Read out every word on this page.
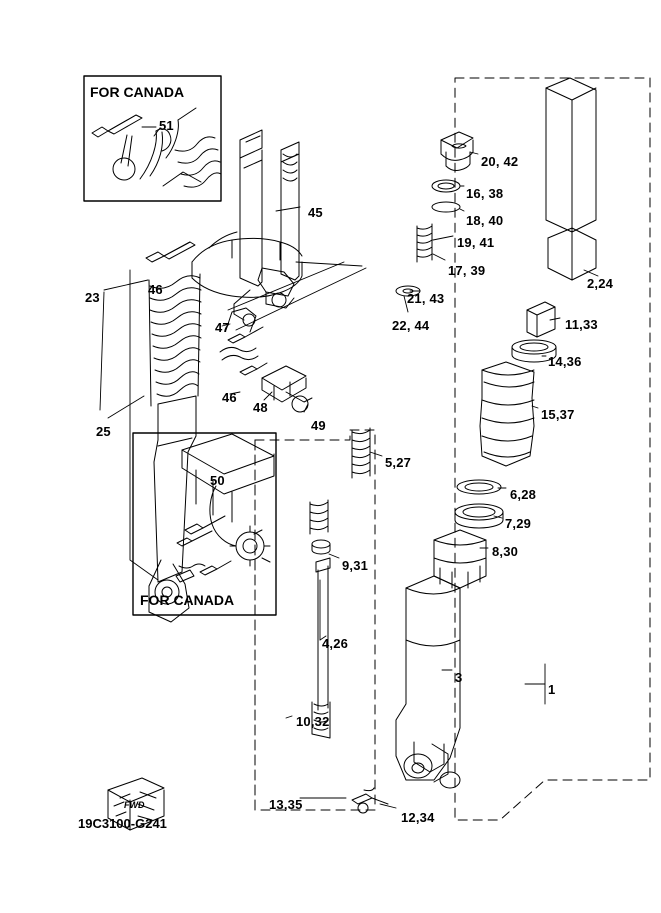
FOR CANADA
FOR CANADA
19C3100-G241
FWD
51
45
23
46
25
47
46
48
49
50
20, 42
16, 38
18, 40
19, 41
17, 39
21, 43
22, 44
2,24
11,33
14,36
15,37
6,28
7,29
8,30
5,27
9,31
4,26
10,32
3
1
13,35
12,34
